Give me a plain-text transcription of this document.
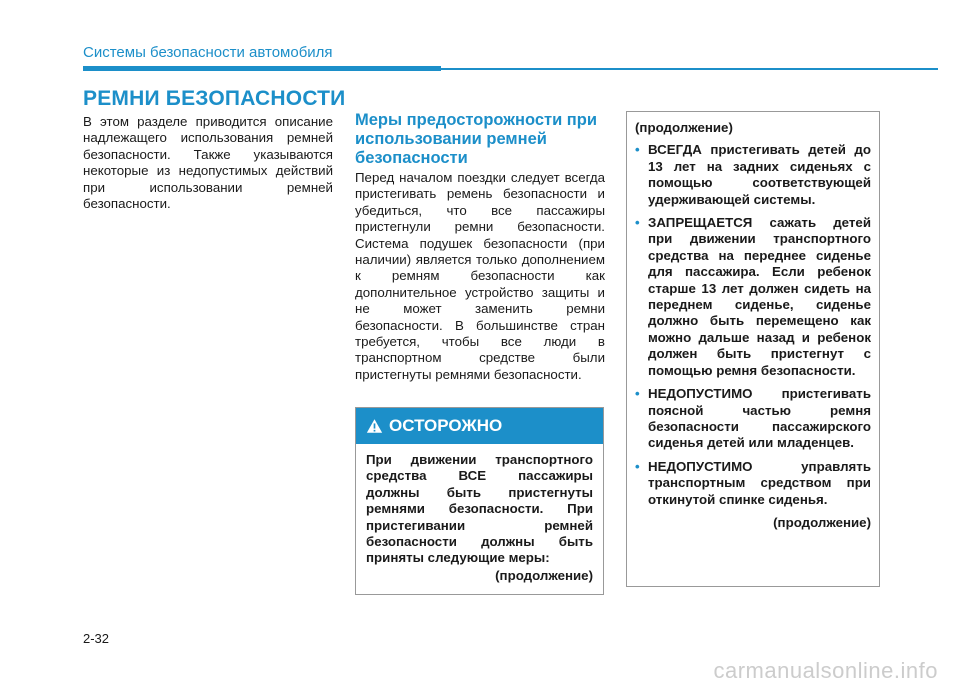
Системы безопасности автомобиля
РЕМНИ БЕЗОПАСНОСТИ
В этом разделе приводится описание надлежащего использования ремней безопасности. Также указываются некоторые из недопустимых действий при использовании ремней безопасности.
Меры предосторожности при использовании ремней безопасности
Перед началом поездки следует всегда пристегивать ремень безопасности и убедиться, что все пассажиры пристегнули ремни безопасности. Система подушек безопасности (при наличии) является только дополнением к ремням безопасности как дополнительное устройство защиты и не может заменить ремни безопасности. В большинстве стран требуется, чтобы все люди в транспортном средстве были пристегнуты ремнями безопасности.
ОСТОРОЖНО
При движении транспортного средства ВСЕ пассажиры должны быть пристегнуты ремнями безопасности. При пристегивании ремней безопасности должны быть приняты следующие меры:
(продолжение)
(продолжение)
• ВСЕГДА пристегивать детей до 13 лет на задних сиденьях с помощью соответствующей удерживающей системы.
• ЗАПРЕЩАЕТСЯ сажать детей при движении транспортного средства на переднее сиденье для пассажира. Если ребенок старше 13 лет должен сидеть на переднем сиденье, сиденье должно быть перемещено как можно дальше назад и ребенок должен быть пристегнут с помощью ремня безопасности.
• НЕДОПУСТИМО пристегивать поясной частью ремня безопасности пассажирского сиденья детей или младенцев.
• НЕДОПУСТИМО управлять транспортным средством при откинутой спинке сиденья.
(продолжение)
2-32
carmanualsonline.info
